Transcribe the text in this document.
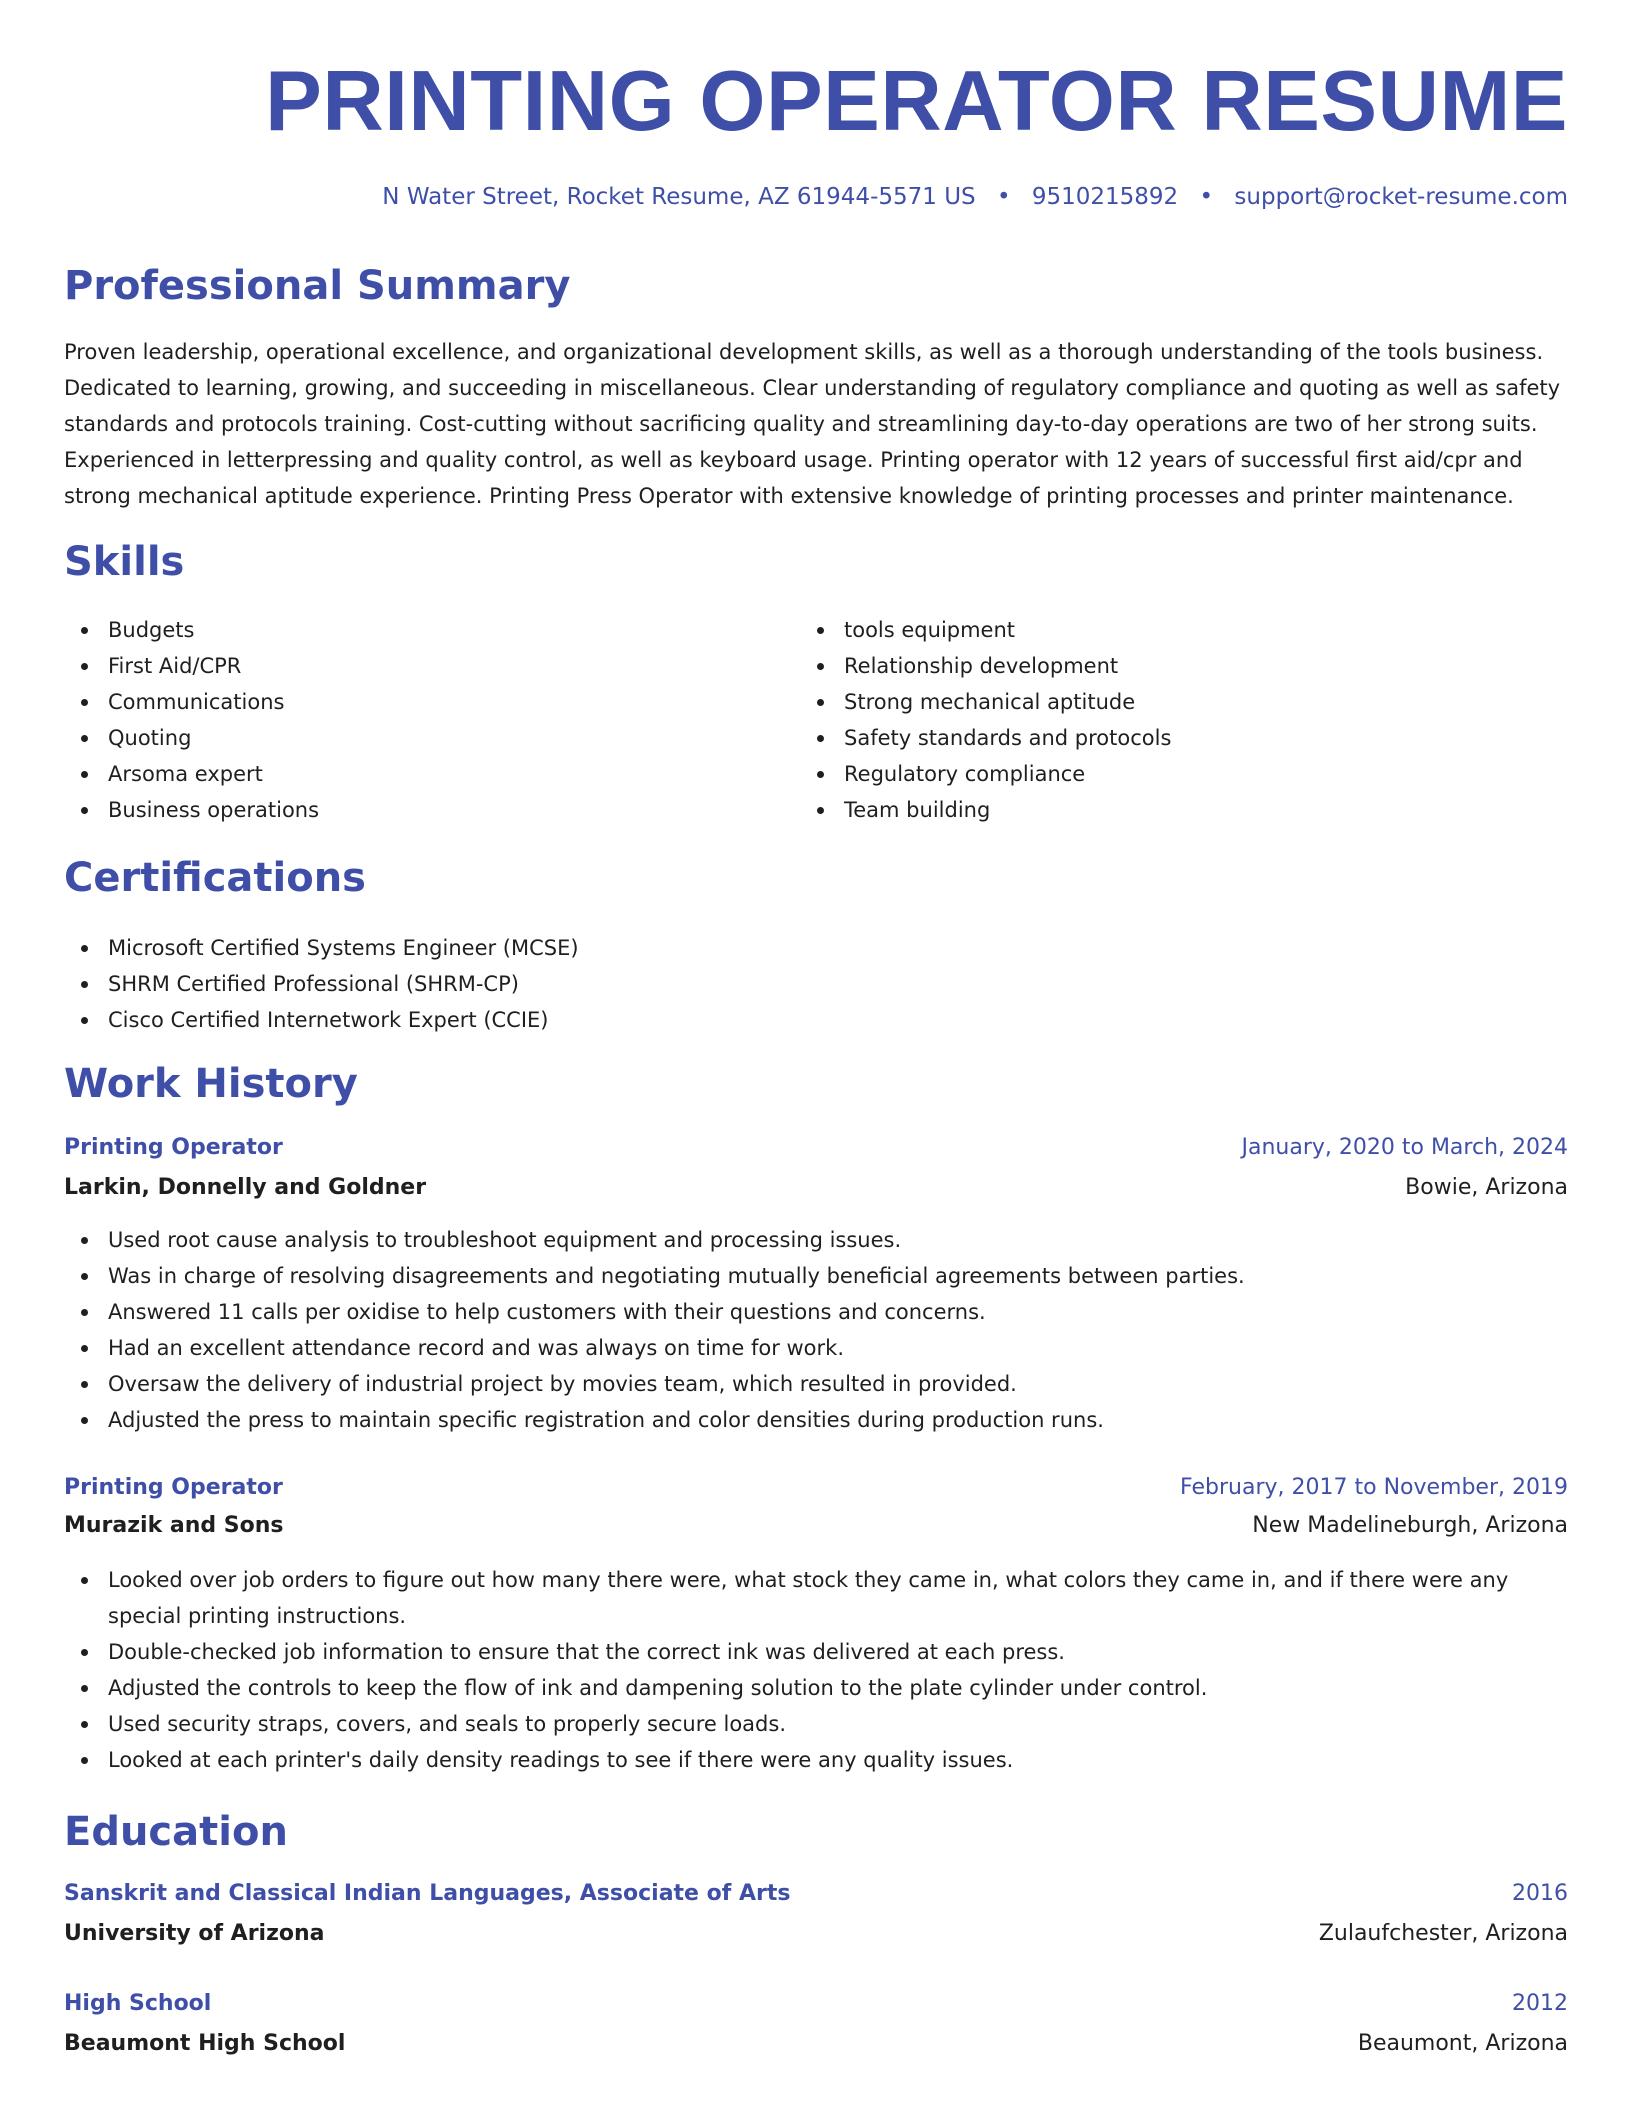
PRINTING OPERATOR RESUME
N Water Street, Rocket Resume, AZ 61944-5571 US • 9510215892 • support@rocket-resume.com
Professional Summary

Proven leadership, operational excellence, and organizational development skills, as well as a thorough understanding of the tools business. Dedicated to learning, growing, and succeeding in miscellaneous. Clear understanding of regulatory compliance and quoting as well as safety standards and protocols training. Cost-cutting without sacrificing quality and streamlining day-to-day operations are two of her strong suits. Experienced in letterpressing and quality control, as well as keyboard usage. Printing operator with 12 years of successful first aid/cpr and strong mechanical aptitude experience. Printing Press Operator with extensive knowledge of printing processes and printer maintenance.

Skills
Budgets
First Aid/CPR
Communications
Quoting
Arsoma expert
Business operations
tools equipment
Relationship development
Strong mechanical aptitude
Safety standards and protocols
Regulatory compliance
Team building
Certifications
Microsoft Certified Systems Engineer (MCSE)
SHRM Certified Professional (SHRM-CP)
Cisco Certified Internetwork Expert (CCIE)
Work History
Printing Operator	January, 2020 to March, 2024
Larkin, Donnelly and Goldner	Bowie, Arizona
Used root cause analysis to troubleshoot equipment and processing issues.
Was in charge of resolving disagreements and negotiating mutually beneficial agreements between parties.
Answered 11 calls per oxidise to help customers with their questions and concerns.
Had an excellent attendance record and was always on time for work.
Oversaw the delivery of industrial project by movies team, which resulted in provided.
Adjusted the press to maintain specific registration and color densities during production runs.
Printing Operator	February, 2017 to November, 2019
Murazik and Sons	New Madelineburgh, Arizona
Looked over job orders to figure out how many there were, what stock they came in, what colors they came in, and if there were any special printing instructions.
Double-checked job information to ensure that the correct ink was delivered at each press.
Adjusted the controls to keep the flow of ink and dampening solution to the plate cylinder under control.
Used security straps, covers, and seals to properly secure loads.
Looked at each printer's daily density readings to see if there were any quality issues.
Education
Sanskrit and Classical Indian Languages, Associate of Arts	2016
University of Arizona	Zulaufchester, Arizona
High School	2012
Beaumont High School	Beaumont, Arizona
